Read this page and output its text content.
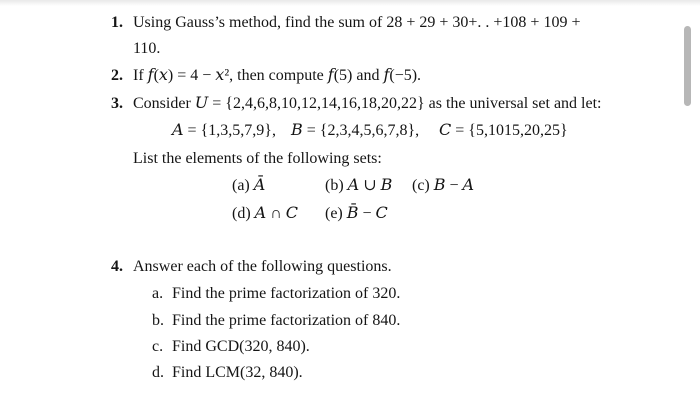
1. Using Gauss’s method, find the sum of 28 + 29 + 30+. . +108 + 109 +
110.
2. If 𝑓(𝑥) = 4 − 𝑥², then compute 𝑓(5) and 𝑓(−5).
3. Consider 𝑈 = {2,4,6,8,10,12,14,16,18,20,22} as the universal set and let:
𝐴 = {1,3,5,7,9}, 𝐵 = {2,3,4,5,6,7,8}, 𝐶 = {5,1015,20,25}
List the elements of the following sets:
(a) 𝐴̄	(b) 𝐴 ∪ 𝐵 (c) 𝐵 − 𝐴
(d) 𝐴 ∩ 𝐶 (e) 𝐵̄ − 𝐶
4. Answer each of the following questions.
a. Find the prime factorization of 320.
b. Find the prime factorization of 840.
c. Find GCD(320, 840).
d. Find LCM(32, 840).
